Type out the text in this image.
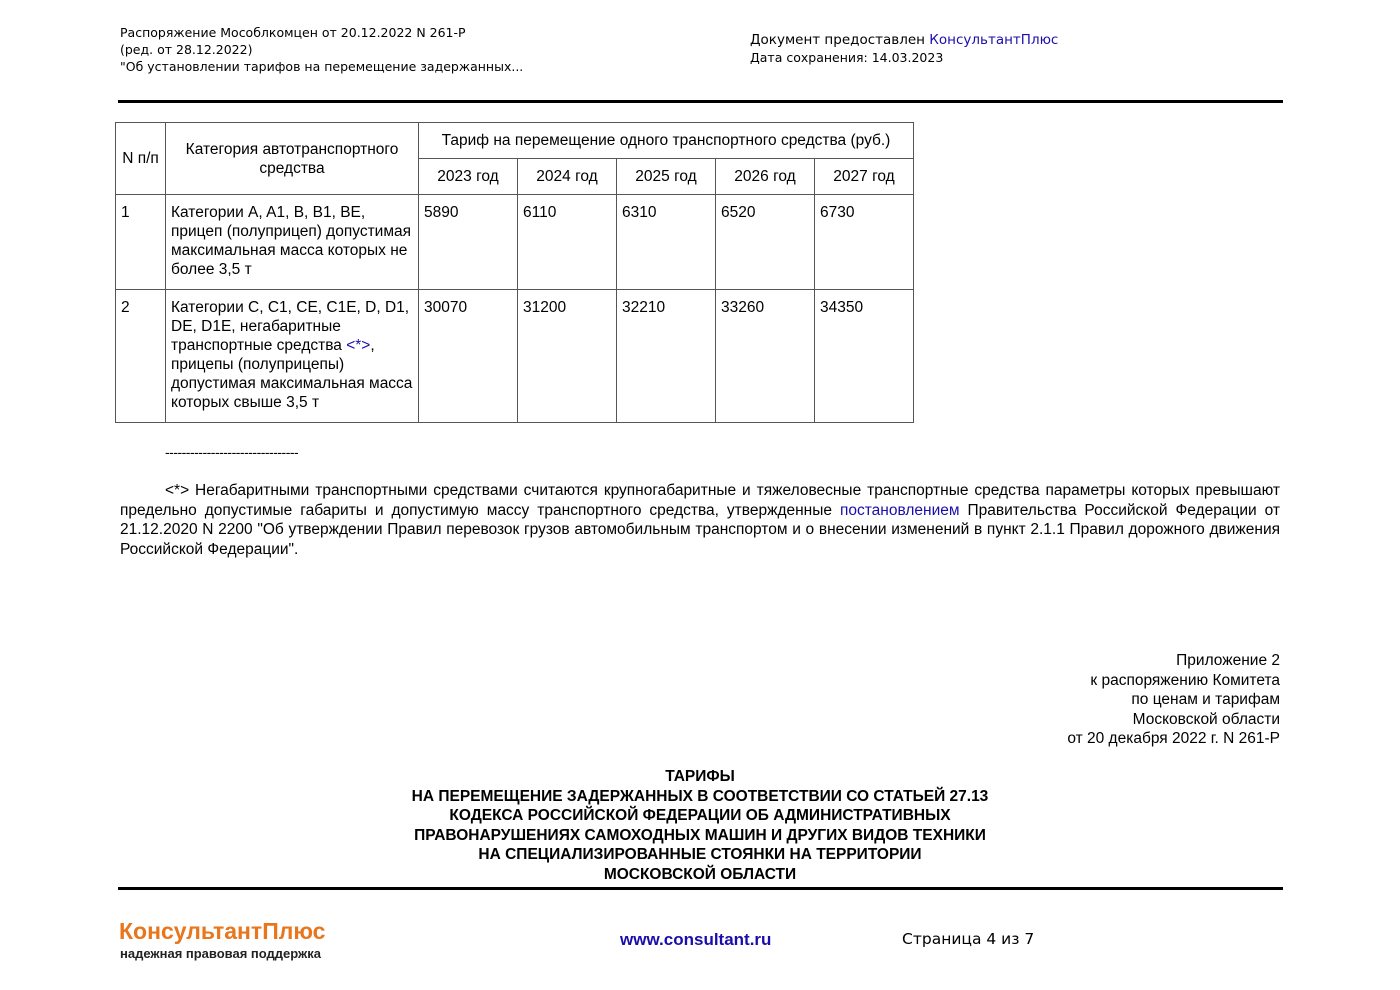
Распоряжение Мособлкомцен от 20.12.2022 N 261-Р
(ред. от 28.12.2022)
"Об установлении тарифов на перемещение задержанных...
Документ предоставлен КонсультантПлюс
Дата сохранения: 14.03.2023
N п/п	Категория автотранспортного средства	Тариф на перемещение одного транспортного средства (руб.)				
		2023 год	2024 год	2025 год	2026 год	2027 год
1	Категории A, A1, B, B1, BE, прицеп (полуприцеп) допустимая максимальная масса которых не более 3,5 т	5890	6110	6310	6520	6730
2	Категории C, C1, CE, C1E, D, D1, DE, D1E, негабаритные транспортные средства <*>, прицепы (полуприцепы) допустимая максимальная масса которых свыше 3,5 т	30070	31200	32210	33260	34350
--------------------------------
<*> Негабаритными транспортными средствами считаются крупногабаритные и тяжеловесные транспортные средства параметры которых превышают предельно допустимые габариты и допустимую массу транспортного средства, утвержденные постановлением Правительства Российской Федерации от 21.12.2020 N 2200 "Об утверждении Правил перевозок грузов автомобильным транспортом и о внесении изменений в пункт 2.1.1 Правил дорожного движения Российской Федерации".
Приложение 2
к распоряжению Комитета
по ценам и тарифам
Московской области
от 20 декабря 2022 г. N 261-Р
ТАРИФЫ
НА ПЕРЕМЕЩЕНИЕ ЗАДЕРЖАННЫХ В СООТВЕТСТВИИ СО СТАТЬЕЙ 27.13
КОДЕКСА РОССИЙСКОЙ ФЕДЕРАЦИИ ОБ АДМИНИСТРАТИВНЫХ
ПРАВОНАРУШЕНИЯХ САМОХОДНЫХ МАШИН И ДРУГИХ ВИДОВ ТЕХНИКИ
НА СПЕЦИАЛИЗИРОВАННЫЕ СТОЯНКИ НА ТЕРРИТОРИИ
МОСКОВСКОЙ ОБЛАСТИ
КонсультантПлюс
надежная правовая поддержка
www.consultant.ru	Страница 4 из 7
